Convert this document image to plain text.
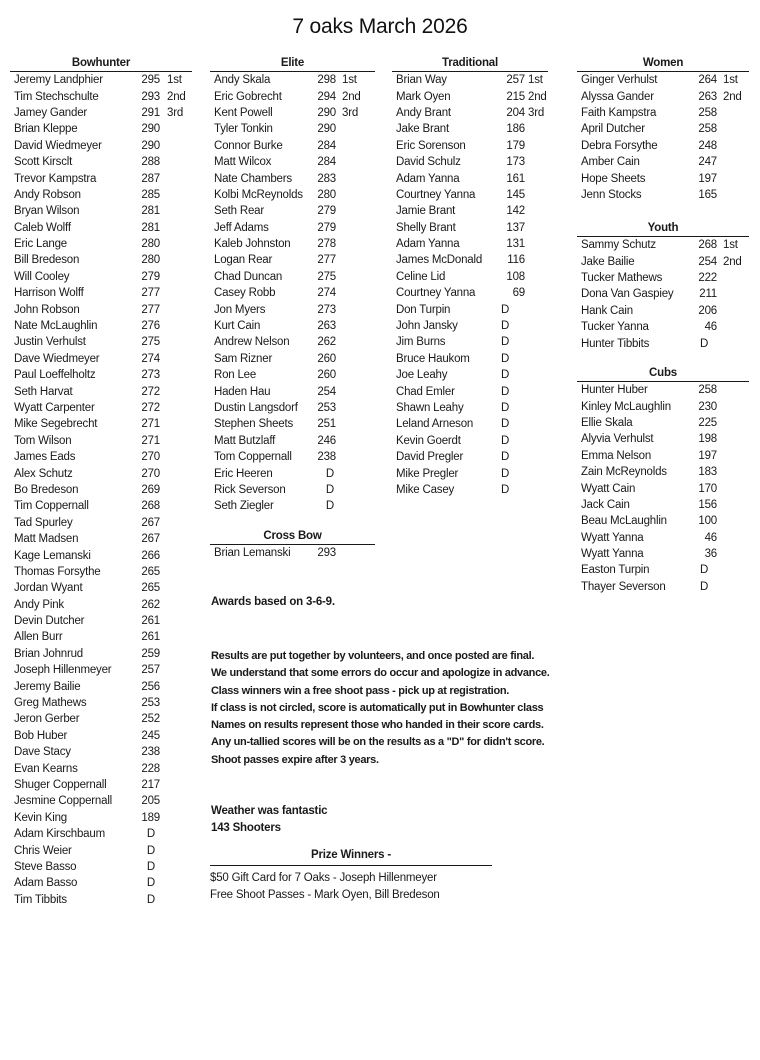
7 oaks March 2026
Bowhunter
Jeremy Landphier	295 1st
Tim Stechschulte	293 2nd
Jamey Gander	291 3rd
Brian Kleppe	290
David Wiedmeyer	290
Scott Kirsclt	288
Trevor Kampstra	287
Andy Robson	285
Bryan Wilson	281
Caleb Wolff	281
Eric Lange	280
Bill Bredeson	280
Will Cooley	279
Harrison Wolff	277
John Robson	277
Nate McLaughlin	276
Justin Verhulst	275
Dave Wiedmeyer	274
Paul Loeffelholtz	273
Seth Harvat	272
Wyatt Carpenter	272
Mike Segebrecht	271
Tom Wilson	271
James Eads	270
Alex Schutz	270
Bo Bredeson	269
Tim Coppernall	268
Tad Spurley	267
Matt Madsen	267
Kage Lemanski	266
Thomas Forsythe	265
Jordan Wyant	265
Andy Pink	262
Devin Dutcher	261
Allen Burr	261
Brian Johnrud	259
Joseph Hillenmeyer	257
Jeremy Bailie	256
Greg Mathews	253
Jeron Gerber	252
Bob Huber	245
Dave Stacy	238
Evan Kearns	228
Shuger Coppernall	217
Jesmine Coppernall	205
Kevin King	189
Adam Kirschbaum	D
Chris Weier	D
Steve Basso	D
Adam Basso	D
Tim Tibbits	D
Elite
Andy Skala	298 1st
Eric Gobrecht	294 2nd
Kent Powell	290 3rd
Tyler Tonkin	290
Connor Burke	284
Matt Wilcox	284
Nate Chambers	283
Kolbi McReynolds	280
Seth Rear	279
Jeff Adams	279
Kaleb Johnston	278
Logan Rear	277
Chad Duncan	275
Casey Robb	274
Jon Myers	273
Kurt Cain	263
Andrew Nelson	262
Sam Rizner	260
Ron Lee	260
Haden Hau	254
Dustin Langsdorf	253
Stephen Sheets	251
Matt Butzlaff	246
Tom Coppernall	238
Eric Heeren	D
Rick Severson	D
Seth Ziegler	D
Cross Bow
Brian Lemanski	293
Traditional
Brian Way	257 1st
Mark Oyen	215 2nd
Andy Brant	204 3rd
Jake Brant	186
Eric Sorenson	179
David Schulz	173
Adam Yanna	161
Courtney Yanna	145
Jamie Brant	142
Shelly Brant	137
Adam Yanna	131
James McDonald	116
Celine Lid	108
Courtney Yanna	69
Don Turpin	D
John Jansky	D
Jim Burns	D
Bruce Haukom	D
Joe Leahy	D
Chad Emler	D
Shawn Leahy	D
Leland Arneson	D
Kevin Goerdt	D
David Pregler	D
Mike Pregler	D
Mike Casey	D
Women
Ginger Verhulst	264 1st
Alyssa Gander	263 2nd
Faith Kampstra	258
April Dutcher	258
Debra Forsythe	248
Amber Cain	247
Hope Sheets	197
Jenn Stocks	165
Youth
Sammy Schutz	268 1st
Jake Bailie	254 2nd
Tucker Mathews	222
Dona Van Gaspiey	211
Hank Cain	206
Tucker Yanna	46
Hunter Tibbits	D
Cubs
Hunter Huber	258
Kinley McLaughlin	230
Ellie Skala	225
Alyvia Verhulst	198
Emma Nelson	197
Zain McReynolds	183
Wyatt Cain	170
Jack Cain	156
Beau McLaughlin	100
Wyatt Yanna	46
Wyatt Yanna	36
Easton Turpin	D
Thayer Severson	D
Awards based on 3-6-9.
Results are put together by volunteers, and once posted are final.
We understand that some errors do occur and apologize in advance.
Class winners win a free shoot pass - pick up at registration.
If class is not circled, score is automatically put in Bowhunter class
Names on results represent those who handed in their score cards.
Any un-tallied scores will be on the results as a "D" for didn't score.
Shoot passes expire after 3 years.
Weather was fantastic
143 Shooters
Prize Winners -
$50 Gift Card for 7 Oaks - Joseph Hillenmeyer
Free Shoot Passes - Mark Oyen, Bill Bredeson
